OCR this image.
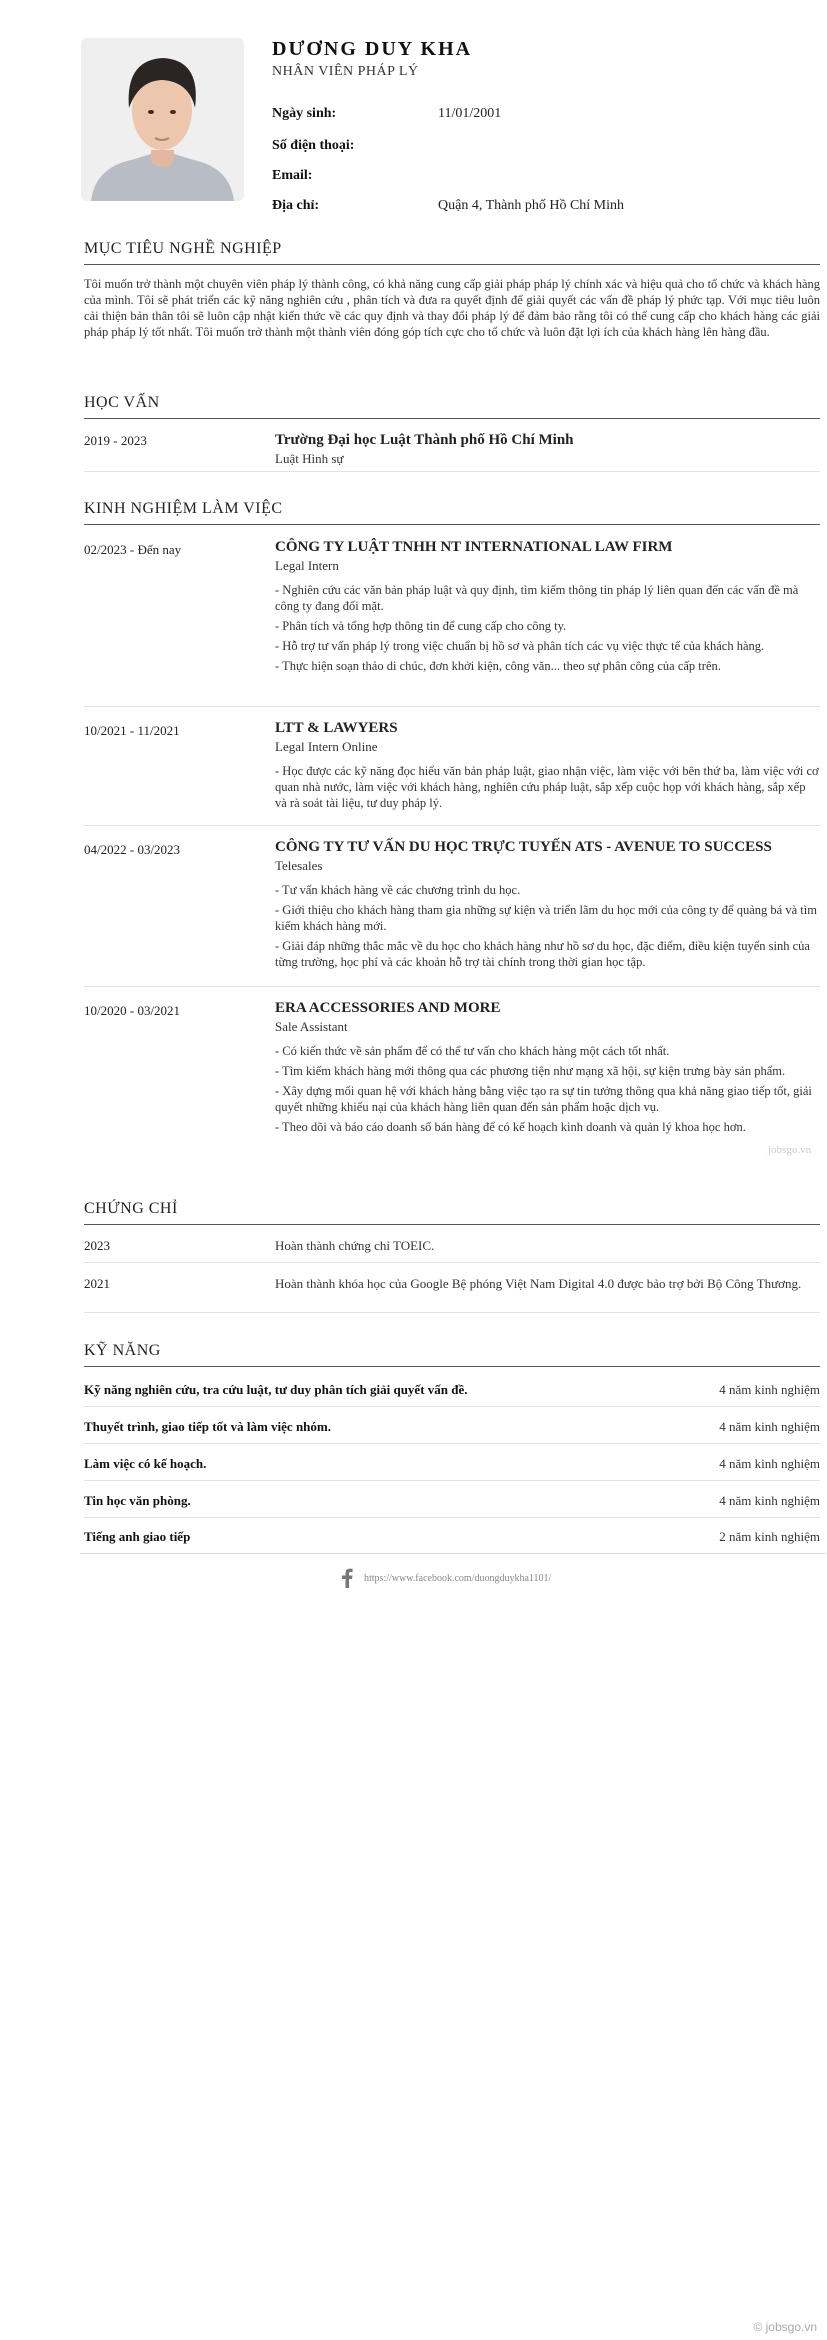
DƯƠNG DUY KHA
NHÂN VIÊN PHÁP LÝ
Ngày sinh:	11/01/2001
Số điện thoại:
Email:
Địa chỉ:	Quận 4, Thành phố Hồ Chí Minh
MỤC TIÊU NGHỀ NGHIỆP
Tôi muốn trở thành một chuyên viên pháp lý thành công, có khả năng cung cấp giải pháp pháp lý chính xác và hiệu quả cho tổ chức và khách hàng của mình. Tôi sẽ phát triển các kỹ năng nghiên cứu , phân tích và đưa ra quyết định để giải quyết các vấn đề pháp lý phức tạp. Với mục tiêu luôn cải thiện bản thân tôi sẽ luôn cập nhật kiến thức về các quy định và thay đổi pháp lý để đảm bảo rằng tôi có thể cung cấp cho khách hàng các giải pháp pháp lý tốt nhất. Tôi muốn trở thành một thành viên đóng góp tích cực cho tổ chức và luôn đặt lợi ích của khách hàng lên hàng đầu.
HỌC VẤN
2019 - 2023	Trường Đại học Luật Thành phố Hồ Chí Minh
Luật Hình sự
KINH NGHIỆM LÀM VIỆC
02/2023 - Đến nay	CÔNG TY LUẬT TNHH NT INTERNATIONAL LAW FIRM
Legal Intern
- Nghiên cứu các văn bản pháp luật và quy định, tìm kiếm thông tin pháp lý liên quan đến các vấn đề mà công ty đang đối mặt.
- Phân tích và tổng hợp thông tin để cung cấp cho công ty.
- Hỗ trợ tư vấn pháp lý trong việc chuẩn bị hồ sơ và phân tích các vụ việc thực tế của khách hàng.
- Thực hiện soạn thảo di chúc, đơn khởi kiện, công văn... theo sự phân công của cấp trên.
10/2021 - 11/2021	LTT & LAWYERS
Legal Intern Online
- Học được các kỹ năng đọc hiểu văn bản pháp luật, giao nhận việc, làm việc với bên thứ ba, làm việc với cơ quan nhà nước, làm việc với khách hàng, nghiên cứu pháp luật, sắp xếp cuộc họp với khách hàng, sắp xếp và rà soát tài liệu, tư duy pháp lý.
04/2022 - 03/2023	CÔNG TY TƯ VẤN DU HỌC TRỰC TUYẾN ATS - AVENUE TO SUCCESS
Telesales
- Tư vấn khách hàng về các chương trình du học.
- Giới thiệu cho khách hàng tham gia những sự kiện và triển lãm du học mới của công ty để quảng bá và tìm kiếm khách hàng mới.
- Giải đáp những thắc mắc về du học cho khách hàng như hồ sơ du học, đặc điểm, điều kiện tuyển sinh của từng trường, học phí và các khoản hỗ trợ tài chính trong thời gian học tập.
10/2020 - 03/2021	ERA ACCESSORIES AND MORE
Sale Assistant
- Có kiến thức về sản phẩm để có thể tư vấn cho khách hàng một cách tốt nhất.
- Tìm kiếm khách hàng mới thông qua các phương tiện như mạng xã hội, sự kiện trưng bày sản phẩm.
- Xây dựng mối quan hệ với khách hàng bằng việc tạo ra sự tin tưởng thông qua khả năng giao tiếp tốt, giải quyết những khiếu nại của khách hàng liên quan đến sản phẩm hoặc dịch vụ.
- Theo dõi và báo cáo doanh số bán hàng để có kế hoạch kinh doanh và quản lý khoa học hơn.
jobsgo.vn
CHỨNG CHỈ
2023	Hoàn thành chứng chỉ TOEIC.
2021	Hoàn thành khóa học của Google Bệ phóng Việt Nam Digital 4.0 được bảo trợ bởi Bộ Công Thương.
KỸ NĂNG
Kỹ năng nghiên cứu, tra cứu luật, tư duy phân tích giải quyết vấn đề.	4 năm kinh nghiệm
Thuyết trình, giao tiếp tốt và làm việc nhóm.	4 năm kinh nghiệm
Làm việc có kế hoạch.	4 năm kinh nghiệm
Tin học văn phòng.	4 năm kinh nghiệm
Tiếng anh giao tiếp	2 năm kinh nghiệm
https://www.facebook.com/duongduykha1101/
© jobsgo.vn
